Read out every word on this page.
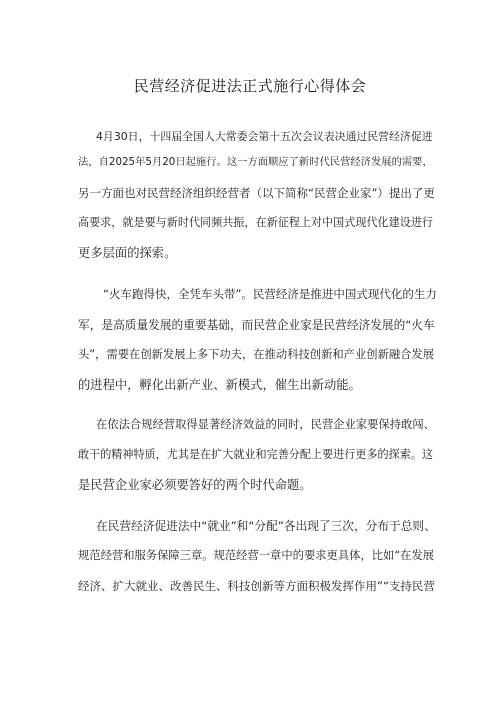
民营经济促进法正式施行心得体会
4月30日，十四届全国人大常委会第十五次会议表决通过民营经济促进
法，自2025年5月20日起施行。这一方面顺应了新时代民营经济发展的需要，
另一方面也对民营经济组织经营者（以下简称“民营企业家”）提出了更
高要求，就是要与新时代同频共振，在新征程上对中国式现代化建设进行
更多层面的探索。
“火车跑得快，全凭车头带”。民营经济是推进中国式现代化的生力
军，是高质量发展的重要基础，而民营企业家是民营经济发展的“火车
头”，需要在创新发展上多下功夫，在推动科技创新和产业创新融合发展
的进程中，孵化出新产业、新模式，催生出新动能。
在依法合规经营取得显著经济效益的同时，民营企业家要保持敢闯、
敢干的精神特质，尤其是在扩大就业和完善分配上要进行更多的探索。这
是民营企业家必须要答好的两个时代命题。
在民营经济促进法中“就业”和“分配”各出现了三次，分布于总则、
规范经营和服务保障三章。规范经营一章中的要求更具体，比如“在发展
经济、扩大就业、改善民生、科技创新等方面积极发挥作用”“支持民营
